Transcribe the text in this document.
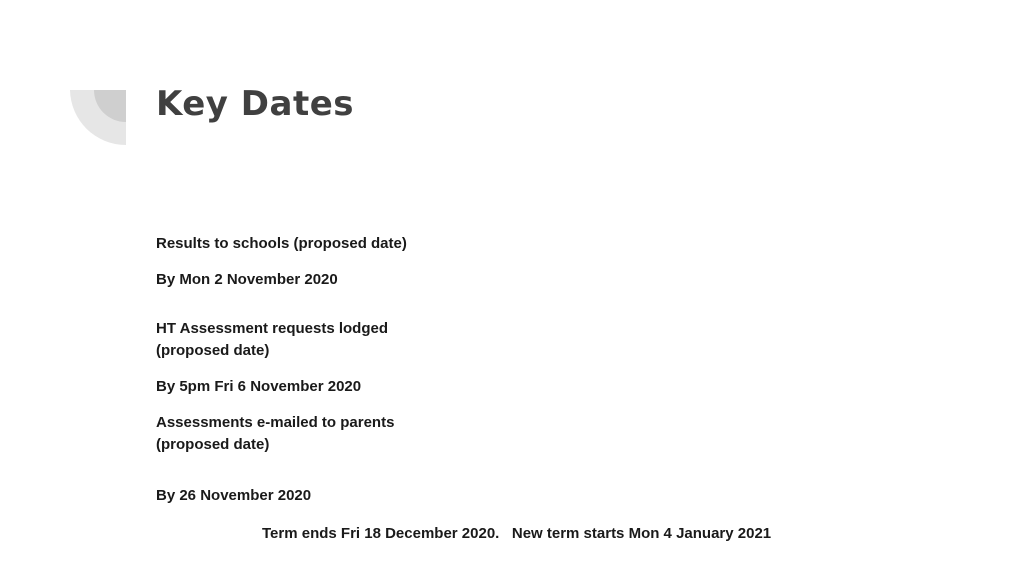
Key Dates

Results to schools (proposed date)

By Mon 2 November 2020

HT Assessment requests lodged

(proposed date)

By 5pm Fri 6 November 2020

Assessments e-mailed to parents

(proposed date)

By 26 November 2020

Term ends Fri 18 December 2020. New term starts Mon 4 January 2021
